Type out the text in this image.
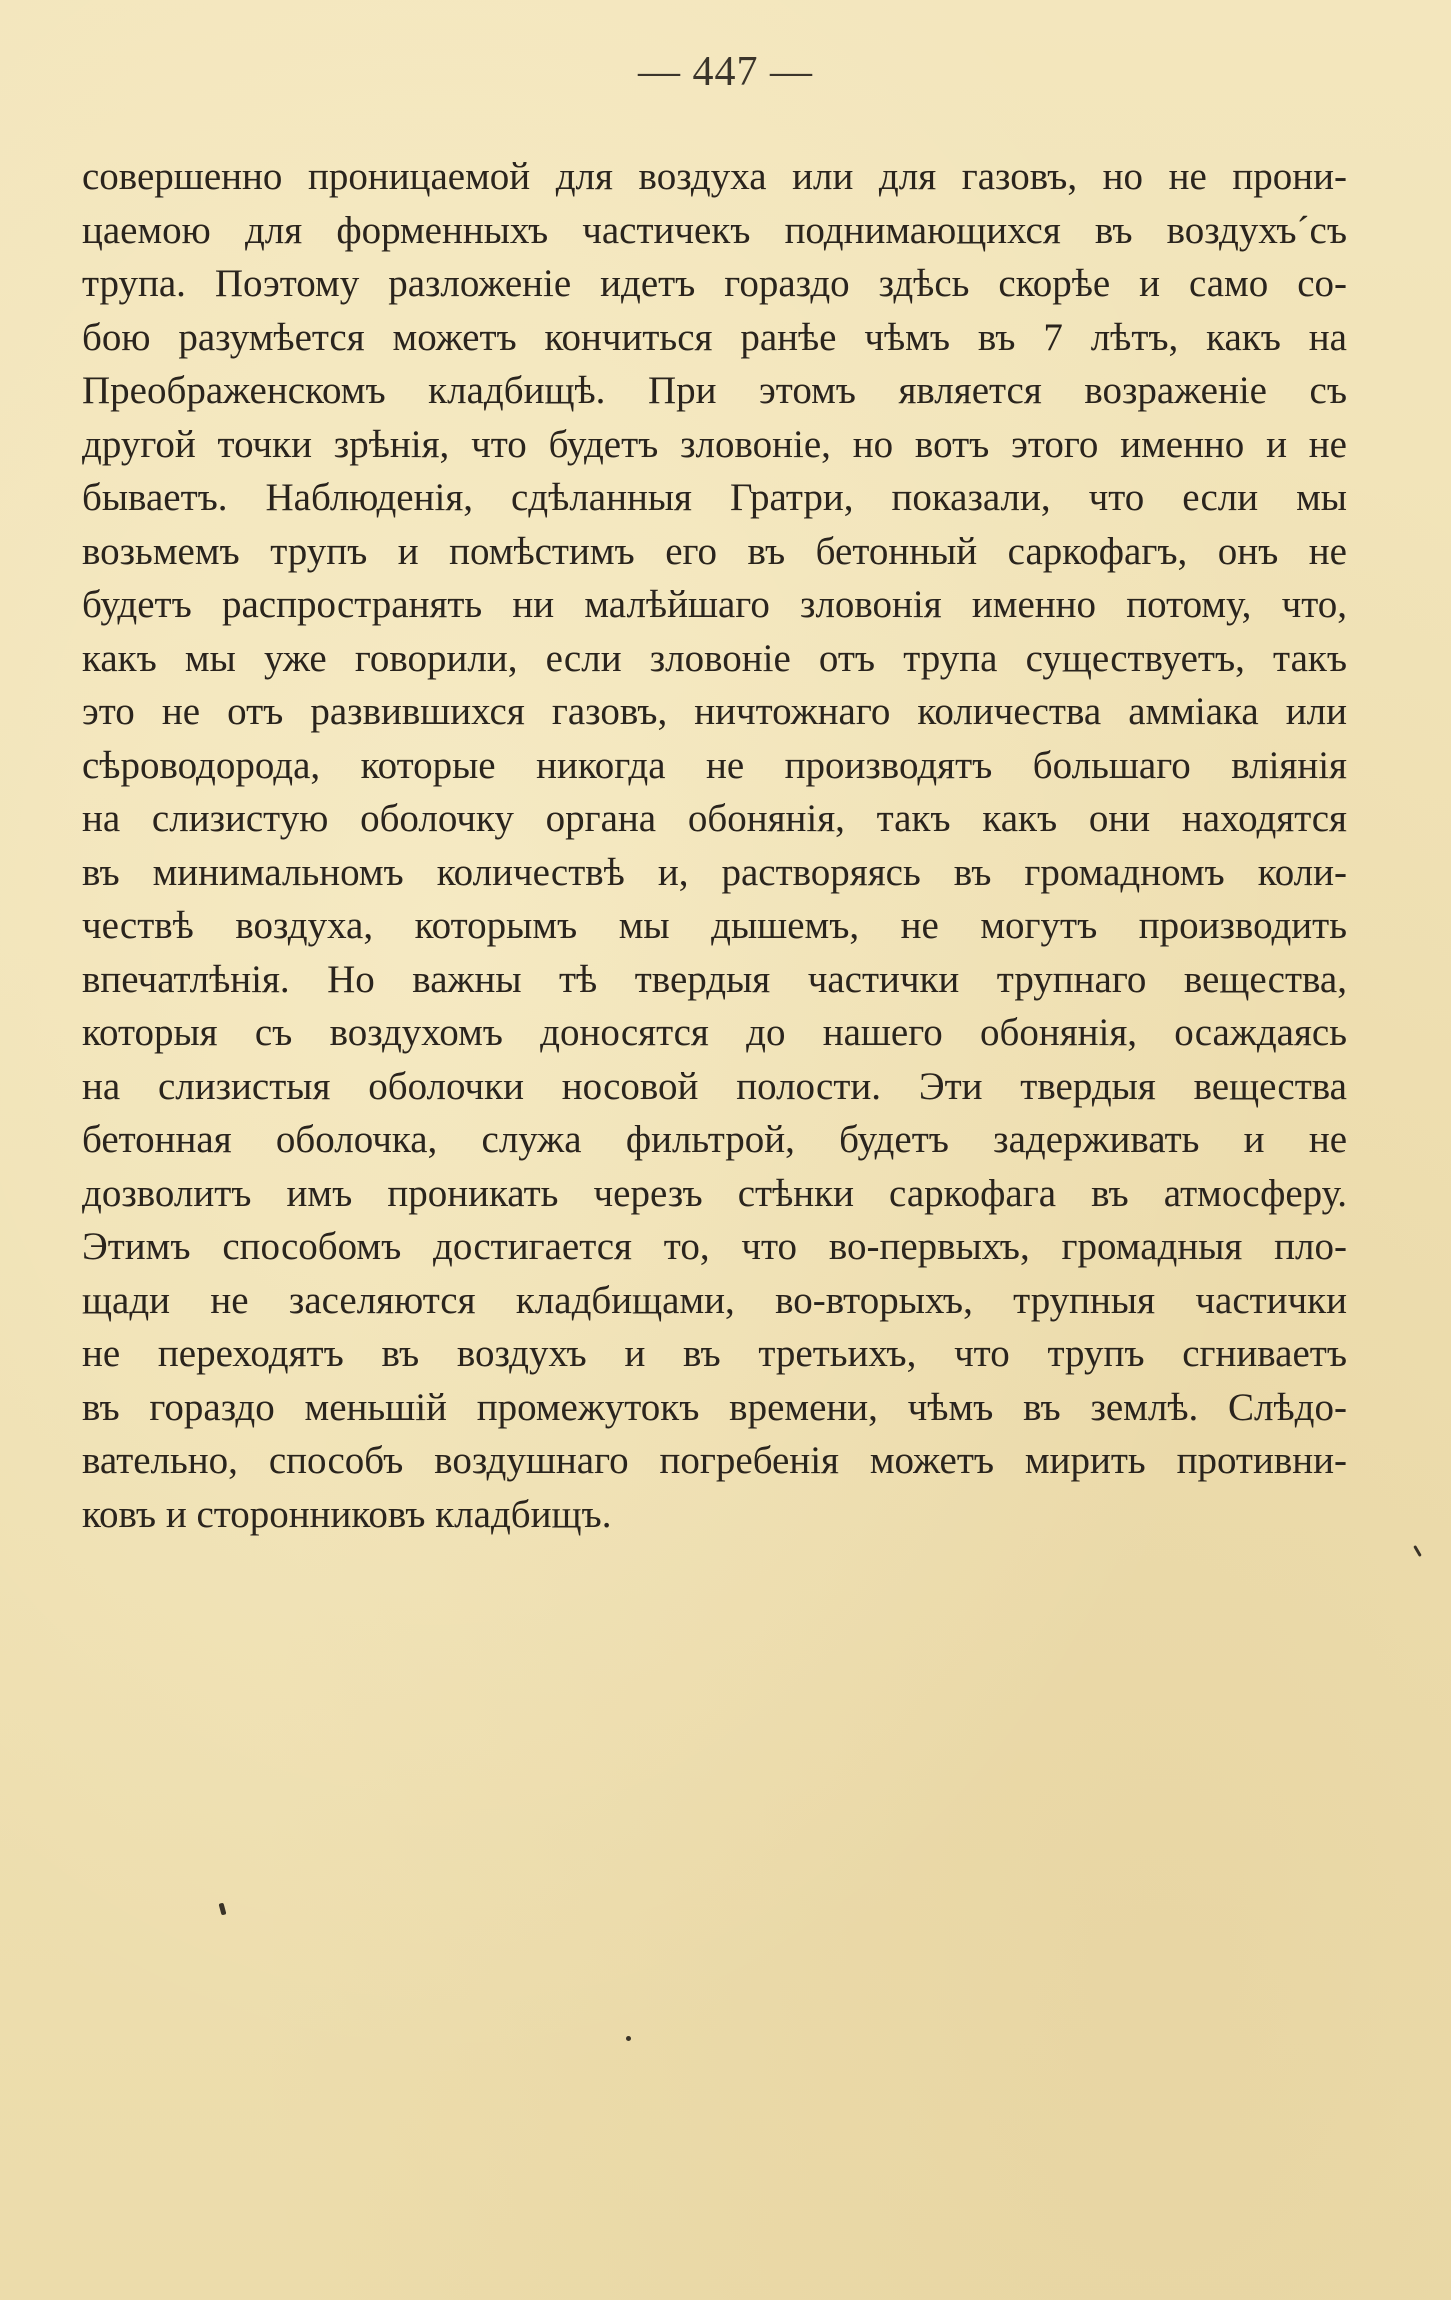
— 447 —
совершенно проницаемой для воздуха или для газовъ, но не прони-
цаемою для форменныхъ частичекъ поднимающихся въ воздухъ´съ
трупа. Поэтому разложенiе идетъ гораздо здѣсь скорѣе и само со-
бою разумѣется можетъ кончиться ранѣе чѣмъ въ 7 лѣтъ, какъ на
Преображенскомъ кладбищѣ. При этомъ является возраженiе съ
другой точки зрѣнiя, что будетъ зловонiе, но вотъ этого именно и не
бываетъ. Наблюденiя, сдѣланныя Гратри, показали, что если мы
возьмемъ трупъ и помѣстимъ его въ бетонный саркофагъ, онъ не
будетъ распространять ни малѣйшаго зловонiя именно потому, что,
какъ мы уже говорили, если зловонiе отъ трупа существуетъ, такъ
это не отъ развившихся газовъ, ничтожнаго количества амміака или
сѣроводорода, которые никогда не производятъ большаго влiянiя
на слизистую оболочку органа обонянiя, такъ какъ они находятся
въ минимальномъ количествѣ и, растворяясь въ громадномъ коли-
чествѣ воздуха, которымъ мы дышемъ, не могутъ производить
впечатлѣнiя. Но важны тѣ твердыя частички трупнаго вещества,
которыя съ воздухомъ доносятся до нашего обонянiя, осаждаясь
на слизистыя оболочки носовой полости. Эти твердыя вещества
бетонная оболочка, служа фильтрой, будетъ задерживать и не
дозволитъ имъ проникать черезъ стѣнки саркофага въ атмосферу.
Этимъ способомъ достигается то, что во-первыхъ, громадныя пло-
щади не заселяются кладбищами, во-вторыхъ, трупныя частички
не переходятъ въ воздухъ и въ третьихъ, что трупъ сгниваетъ
въ гораздо меньшiй промежутокъ времени, чѣмъ въ землѣ. Слѣдо-
вательно, способъ воздушнаго погребенiя можетъ мирить противни-
ковъ и сторонниковъ кладбищъ.
